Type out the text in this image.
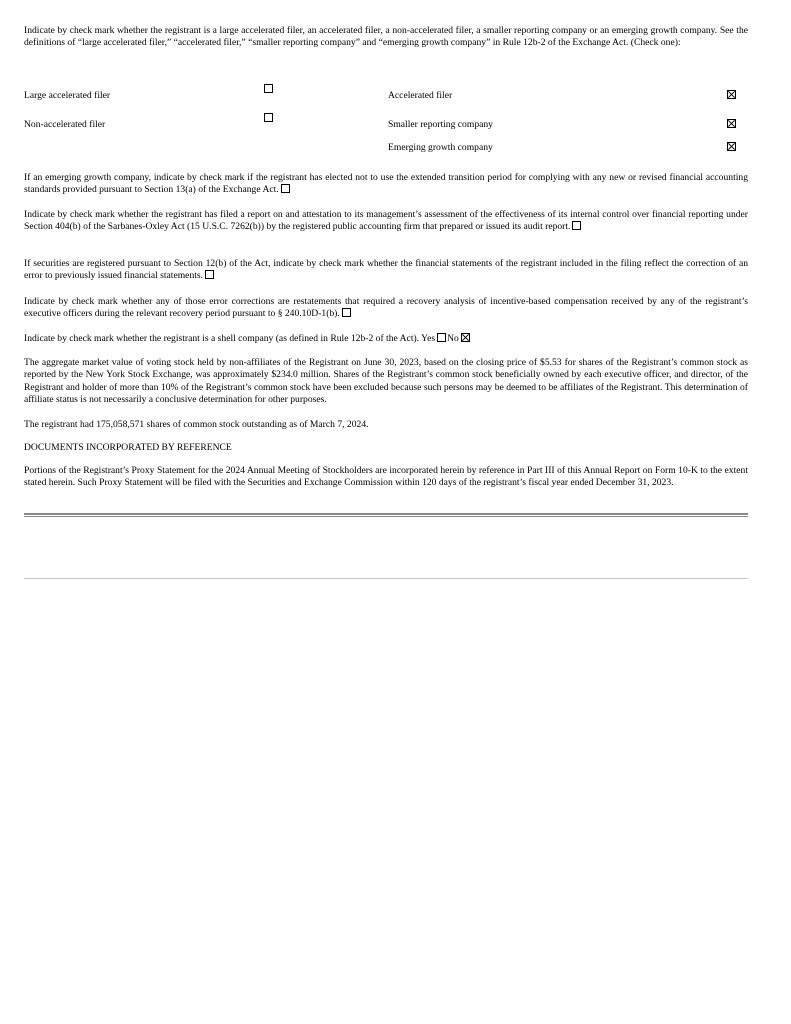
Indicate by check mark whether the registrant is a large accelerated filer, an accelerated filer, a non-accelerated filer, a smaller reporting company or an emerging growth company. See the definitions of “large accelerated filer,” “accelerated filer,” “smaller reporting company” and “emerging growth company” in Rule 12b-2 of the Exchange Act. (Check one):

Large accelerated filer	Accelerated filer
Non-accelerated filer	Smaller reporting company
Emerging growth company

If an emerging growth company, indicate by check mark if the registrant has elected not to use the extended transition period for complying with any new or revised financial accounting standards provided pursuant to Section 13(a) of the Exchange Act.

Indicate by check mark whether the registrant has filed a report on and attestation to its management’s assessment of the effectiveness of its internal control over financial reporting under Section 404(b) of the Sarbanes-Oxley Act (15 U.S.C. 7262(b)) by the registered public accounting firm that prepared or issued its audit report.

If securities are registered pursuant to Section 12(b) of the Act, indicate by check mark whether the financial statements of the registrant included in the filing reflect the correction of an error to previously issued financial statements.

Indicate by check mark whether any of those error corrections are restatements that required a recovery analysis of incentive-based compensation received by any of the registrant’s executive officers during the relevant recovery period pursuant to § 240.10D-1(b).

Indicate by check mark whether the registrant is a shell company (as defined in Rule 12b-2 of the Act). Yes No

The aggregate market value of voting stock held by non-affiliates of the Registrant on June 30, 2023, based on the closing price of $5.53 for shares of the Registrant’s common stock as reported by the New York Stock Exchange, was approximately $234.0 million. Shares of the Registrant’s common stock beneficially owned by each executive officer, and director, of the Registrant and holder of more than 10% of the Registrant’s common stock have been excluded because such persons may be deemed to be affiliates of the Registrant. This determination of affiliate status is not necessarily a conclusive determination for other purposes.

The registrant had 175,058,571 shares of common stock outstanding as of March 7, 2024.

DOCUMENTS INCORPORATED BY REFERENCE

Portions of the Registrant’s Proxy Statement for the 2024 Annual Meeting of Stockholders are incorporated herein by reference in Part III of this Annual Report on Form 10-K to the extent stated herein. Such Proxy Statement will be filed with the Securities and Exchange Commission within 120 days of the registrant’s fiscal year ended December 31, 2023.
